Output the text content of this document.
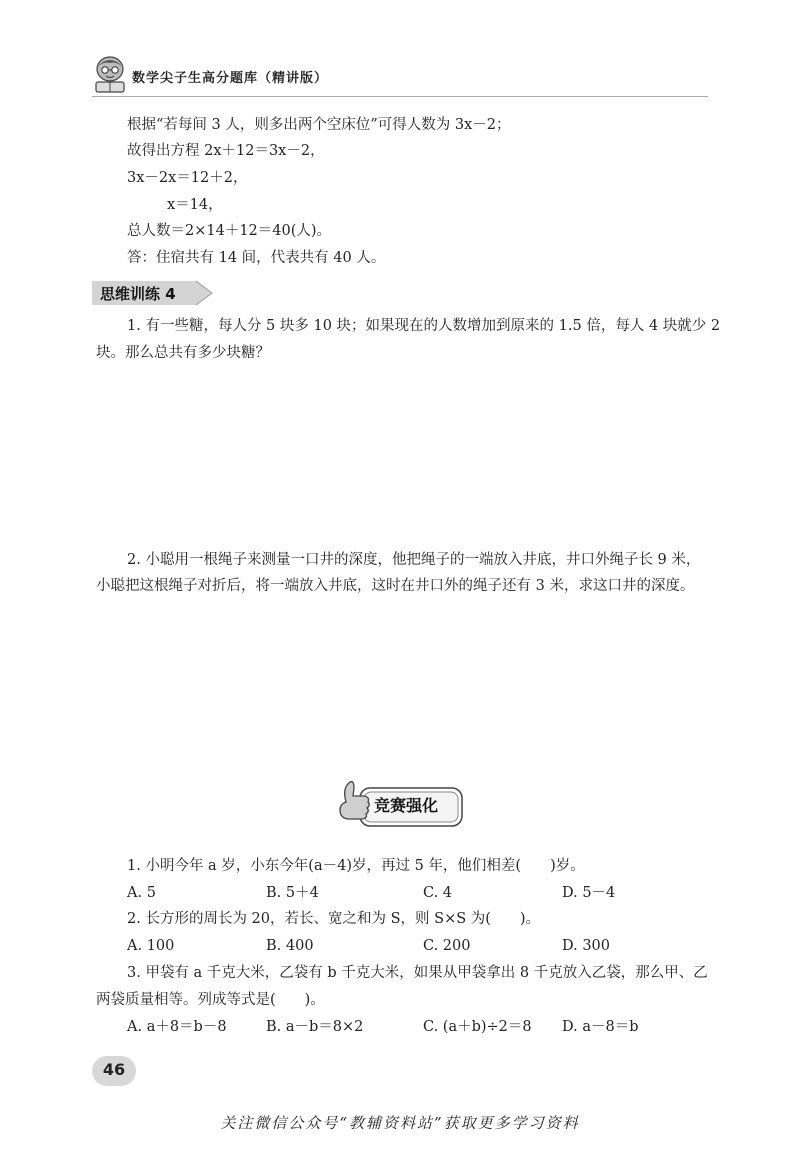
数学尖子生高分题库（精讲版）
根据“若每间 3 人，则多出两个空床位”可得人数为 3x－2；
故得出方程 2x＋12＝3x－2，
3x－2x＝12＋2，
x＝14，
总人数＝2×14＋12＝40(人)。
答：住宿共有 14 间，代表共有 40 人。
思维训练 4
1. 有一些糖，每人分 5 块多 10 块；如果现在的人数增加到原来的 1.5 倍，每人 4 块就少 2
块。那么总共有多少块糖？
2. 小聪用一根绳子来测量一口井的深度，他把绳子的一端放入井底，井口外绳子长 9 米，
小聪把这根绳子对折后，将一端放入井底，这时在井口外的绳子还有 3 米，求这口井的深度。
竞赛强化
1. 小明今年 a 岁，小东今年(a－4)岁，再过 5 年，他们相差(　　)岁。
A. 5	B. 5＋4	C. 4	D. 5－4
2. 长方形的周长为 20，若长、宽之和为 S，则 S×S 为(　　)。
A. 100	B. 400	C. 200	D. 300
3. 甲袋有 a 千克大米，乙袋有 b 千克大米，如果从甲袋拿出 8 千克放入乙袋，那么甲、乙
两袋质量相等。列成等式是(　　)。
A. a＋8＝b－8	B. a－b＝8×2	C. (a＋b)÷2＝8 D. a－8＝b
46
关注微信公众号“教辅资料站”获取更多学习资料
